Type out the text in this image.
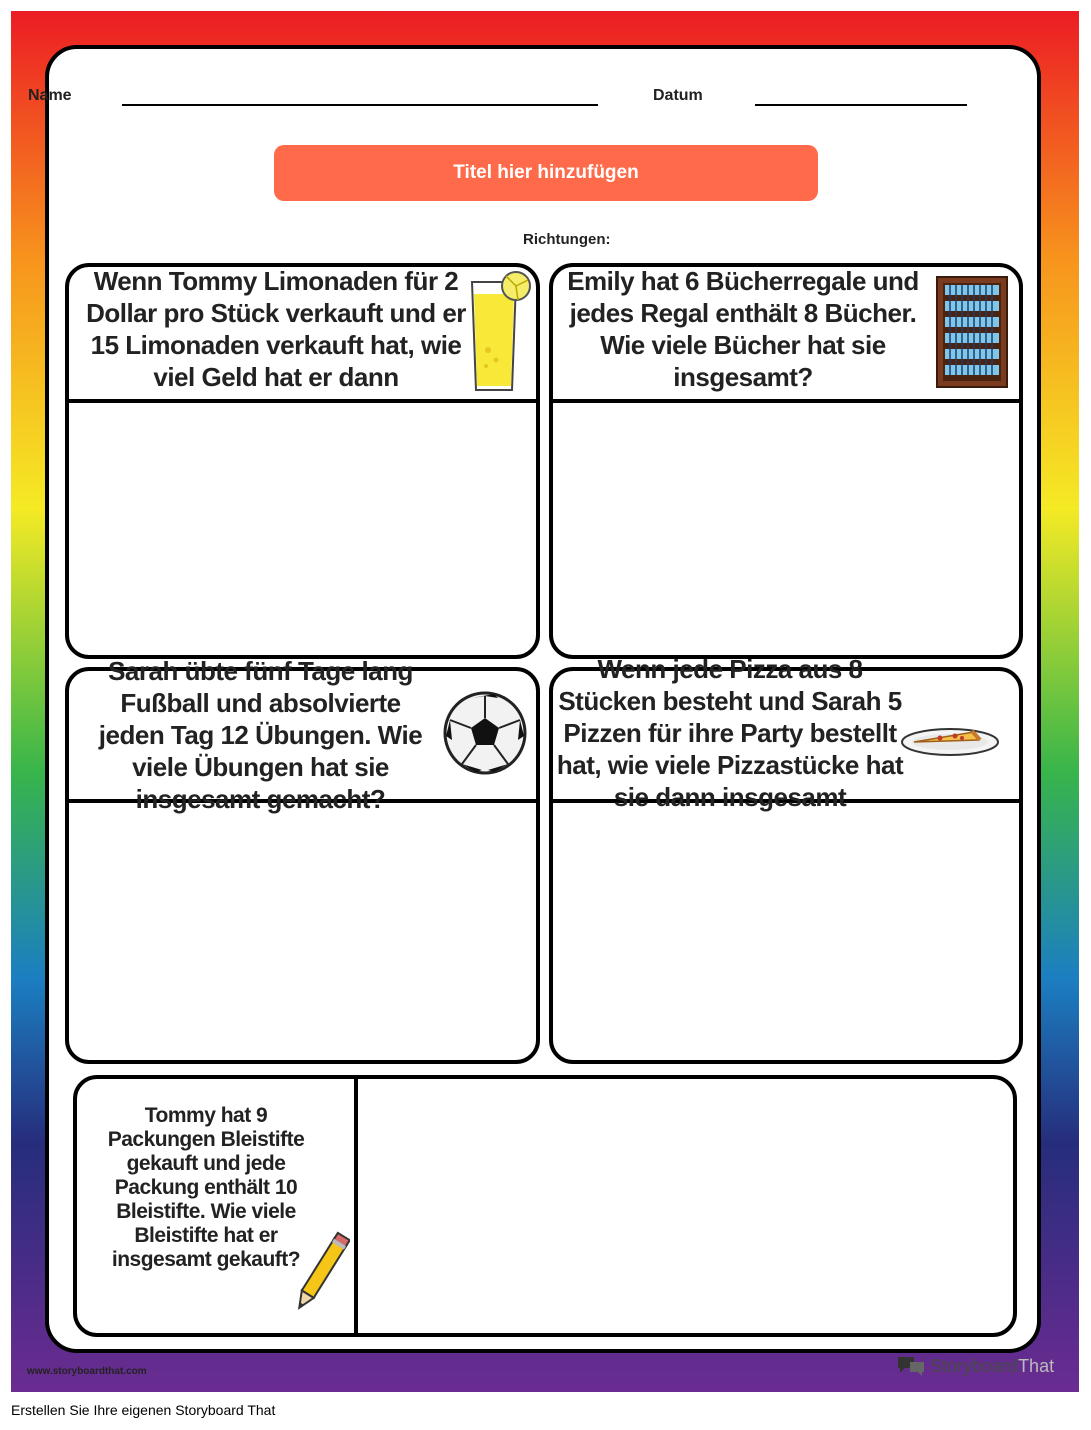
Name	Datum
Titel hier hinzufügen
Richtungen:
Wenn Tommy Limonaden für 2 Dollar pro Stück verkauft und er 15 Limonaden verkauft hat, wie viel Geld hat er dann
Emily hat 6 Bücherregale und jedes Regal enthält 8 Bücher. Wie viele Bücher hat sie insgesamt?
Sarah übte fünf Tage lang Fußball und absolvierte jeden Tag 12 Übungen. Wie viele Übungen hat sie insgesamt gemacht?
Wenn jede Pizza aus 8 Stücken besteht und Sarah 5 Pizzen für ihre Party bestellt hat, wie viele Pizzastücke hat sie dann insgesamt
Tommy hat 9 Packungen Bleistifte gekauft und jede Packung enthält 10 Bleistifte. Wie viele Bleistifte hat er insgesamt gekauft?
www.storyboardthat.com	Storyboard That
Erstellen Sie Ihre eigenen Storyboard That
